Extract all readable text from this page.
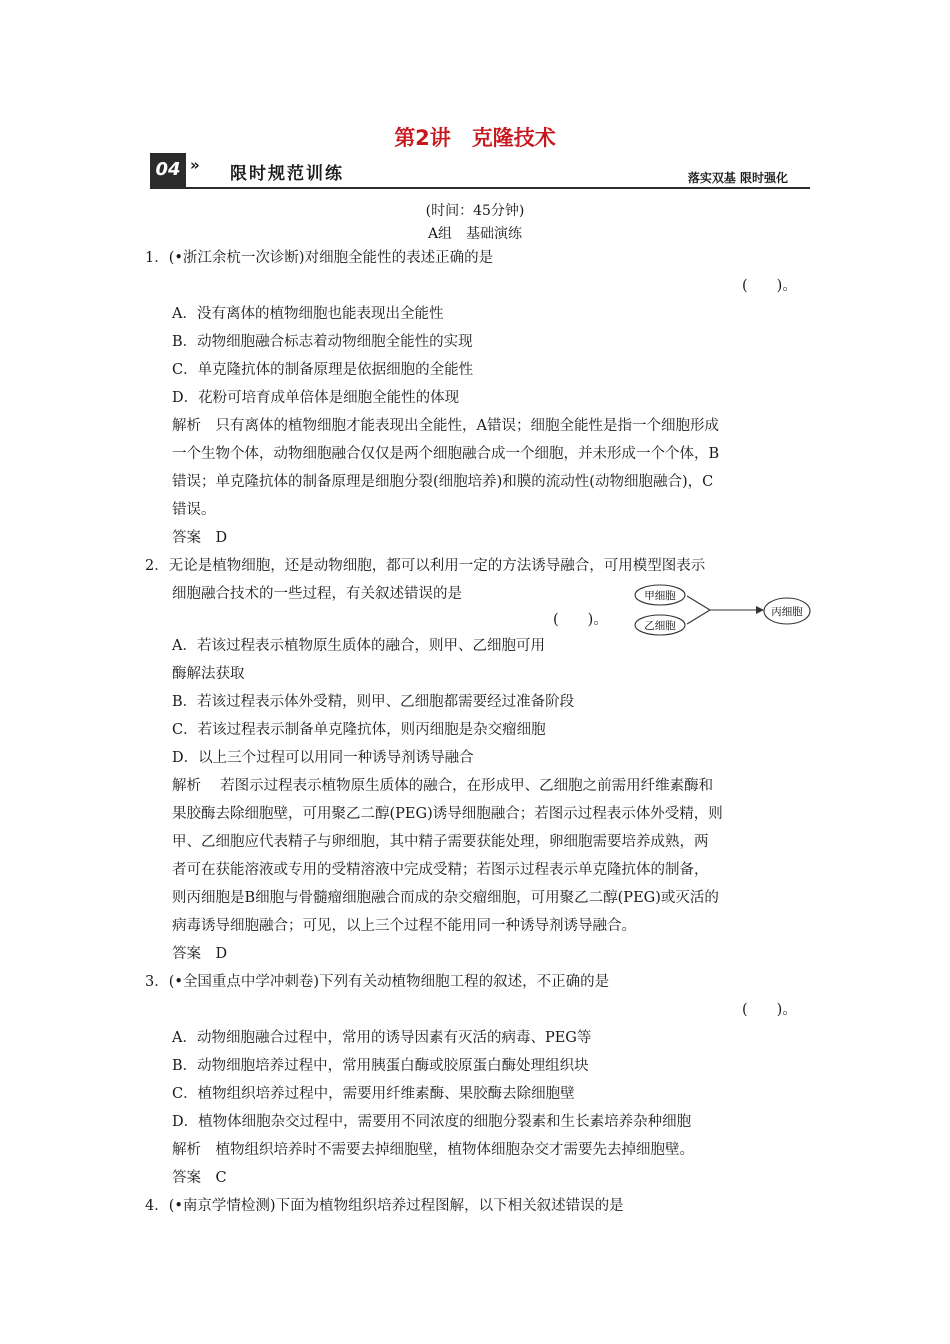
第2讲　克隆技术
04 » 限时规范训练	落实双基 限时强化
(时间：45分钟)
A组　基础演练
1．(•浙江余杭一次诊断)对细胞全能性的表述正确的是
(　　)。
A．没有离体的植物细胞也能表现出全能性
B．动物细胞融合标志着动物细胞全能性的实现
C．单克隆抗体的制备原理是依据细胞的全能性
D．花粉可培育成单倍体是细胞全能性的体现
解析　只有离体的植物细胞才能表现出全能性，A错误；细胞全能性是指一个细胞形成
一个生物个体，动物细胞融合仅仅是两个细胞融合成一个细胞，并未形成一个个体，B
错误；单克隆抗体的制备原理是细胞分裂(细胞培养)和膜的流动性(动物细胞融合)，C
错误。
答案　D
2．无论是植物细胞，还是动物细胞，都可以利用一定的方法诱导融合，可用模型图表示
细胞融合技术的一些过程，有关叙述错误的是
(　　)。
甲细胞
乙细胞
丙细胞
A．若该过程表示植物原生质体的融合，则甲、乙细胞可用
酶解法获取
B．若该过程表示体外受精，则甲、乙细胞都需要经过准备阶段
C．若该过程表示制备单克隆抗体，则丙细胞是杂交瘤细胞
D．以上三个过程可以用同一种诱导剂诱导融合
解析　 若图示过程表示植物原生质体的融合，在形成甲、乙细胞之前需用纤维素酶和
果胶酶去除细胞壁，可用聚乙二醇(PEG)诱导细胞融合；若图示过程表示体外受精，则
甲、乙细胞应代表精子与卵细胞，其中精子需要获能处理，卵细胞需要培养成熟，两
者可在获能溶液或专用的受精溶液中完成受精；若图示过程表示单克隆抗体的制备，
则丙细胞是B细胞与骨髓瘤细胞融合而成的杂交瘤细胞，可用聚乙二醇(PEG)或灭活的
病毒诱导细胞融合；可见，以上三个过程不能用同一种诱导剂诱导融合。
答案　D
3．(•全国重点中学冲刺卷)下列有关动植物细胞工程的叙述，不正确的是
(　　)。
A．动物细胞融合过程中，常用的诱导因素有灭活的病毒、PEG等
B．动物细胞培养过程中，常用胰蛋白酶或胶原蛋白酶处理组织块
C．植物组织培养过程中，需要用纤维素酶、果胶酶去除细胞壁
D．植物体细胞杂交过程中，需要用不同浓度的细胞分裂素和生长素培养杂种细胞
解析　植物组织培养时不需要去掉细胞壁，植物体细胞杂交才需要先去掉细胞壁。
答案　C
4．(•南京学情检测)下面为植物组织培养过程图解，以下相关叙述错误的是
